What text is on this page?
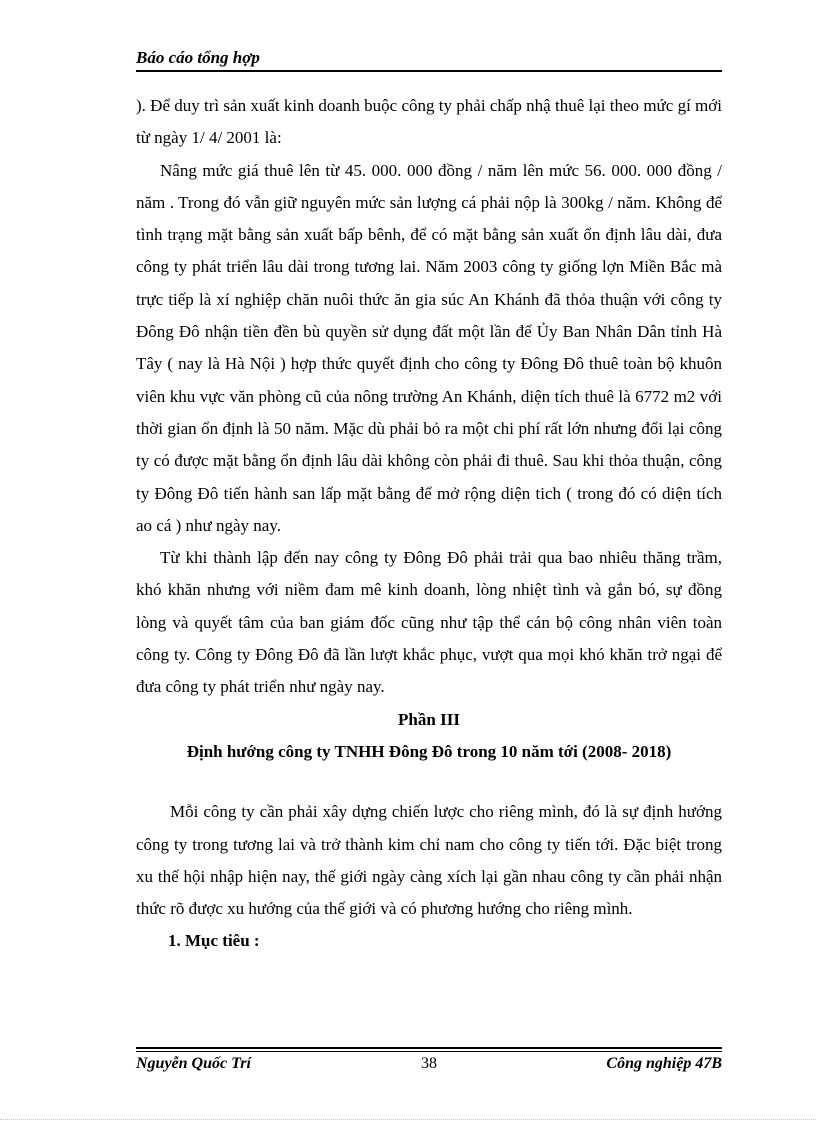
Báo cáo tổng hợp

). Để duy trì sản xuất kinh doanh buộc công ty phải chấp nhậ thuê lại theo mức gí mới từ ngày 1/ 4/ 2001 là:

Nâng mức giá thuê lên từ 45. 000. 000 đồng / năm lên mức 56. 000. 000 đồng / năm . Trong đó vẫn giữ nguyên mức sản lượng cá phải nộp là 300kg / năm. Không để tình trạng mặt bằng sản xuất bấp bênh, để có mặt bằng sản xuất ổn định lâu dài, đưa công ty phát triển lâu dài trong tương lai. Năm 2003 công ty giống lợn Miền Bắc mà trực tiếp là xí nghiệp chăn nuôi thức ăn gia súc An Khánh đã thỏa thuận với công ty Đông Đô nhận tiền đền bù quyền sử dụng đất một lần để Ủy Ban Nhân Dân tỉnh Hà Tây ( nay là Hà Nội ) hợp thức quyết định cho công ty Đông Đô thuê toàn bộ khuôn viên khu vực văn phòng cũ của nông trường An Khánh, diện tích thuê là 6772 m2 với thời gian ổn định là 50 năm. Mặc dù phải bỏ ra một chi phí rất lớn nhưng đổi lại công ty có được mặt bằng ổn định lâu dài không còn phải đi thuê. Sau khi thỏa thuận, công ty Đông Đô tiến hành san lấp mặt bằng để mở rộng diện tich ( trong đó có diện tích ao cá ) như ngày nay.

Từ khi thành lập đến nay công ty Đông Đô phải trải qua bao nhiêu thăng trầm, khó khăn nhưng với niềm đam mê kinh doanh, lòng nhiệt tình và gắn bó, sự đồng lòng và quyết tâm của ban giám đốc cũng như tập thể cán bộ công nhân viên toàn công ty. Công ty Đông Đô đã lần lượt khắc phục, vượt qua mọi khó khăn trở ngại để đưa công ty phát triển như ngày nay.

Phần III

Định hướng công ty TNHH Đông Đô trong 10 năm tới (2008- 2018)

Mỗi công ty cần phải xây dựng chiến lược cho riêng mình, đó là sự định hướng công ty trong tương lai và trở thành kim chỉ nam cho công ty tiến tới. Đặc biệt trong xu thế hội nhập hiện nay, thế giới ngày càng xích lại gần nhau công ty cần phải nhận thức rõ được xu hướng của thế giới và có phương hướng cho riêng mình.

1. Mục tiêu :

Nguyễn Quốc Trí	38	Công nghiệp 47B
